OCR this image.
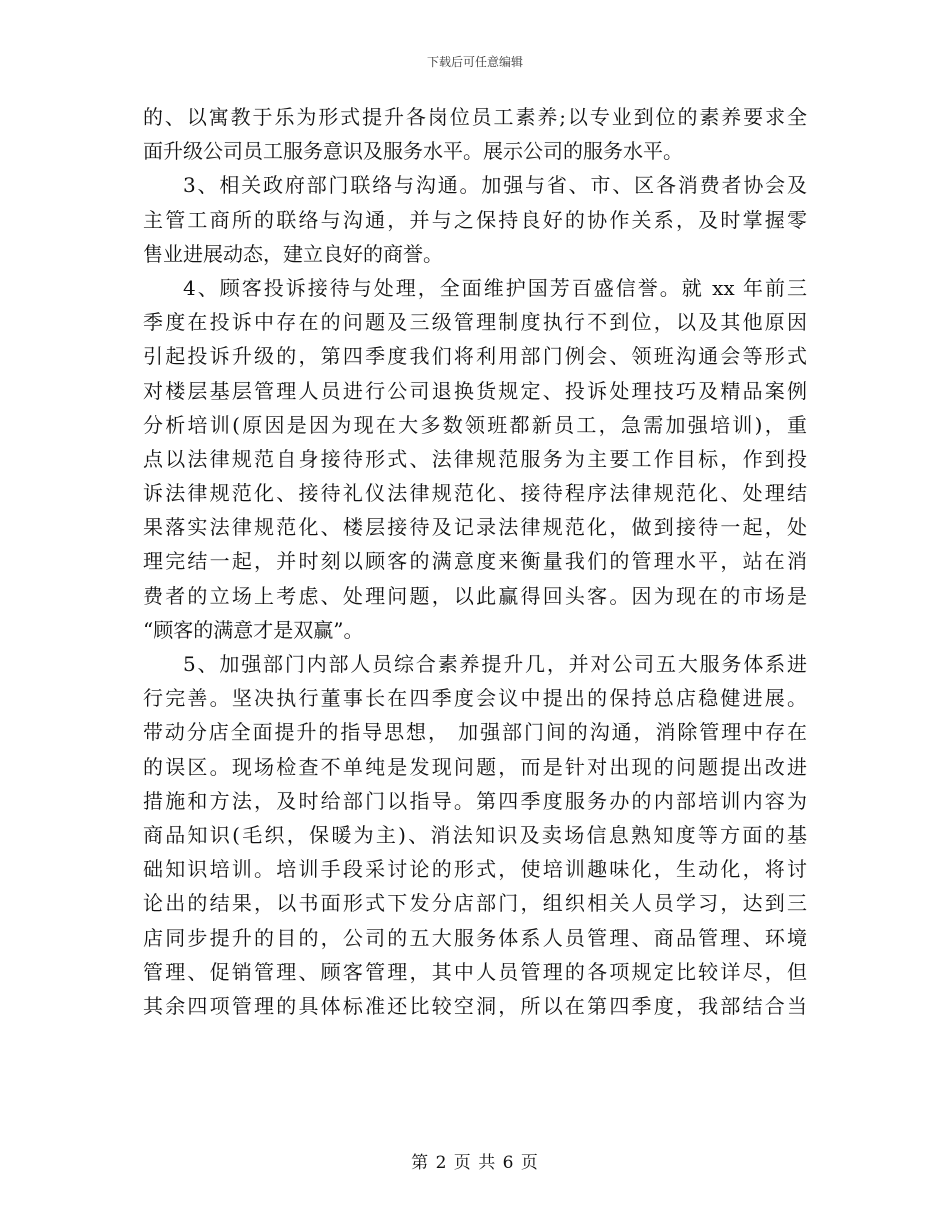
下载后可任意编辑
的、以寓教于乐为形式提升各岗位员工素养;以专业到位的素养要求全
面升级公司员工服务意识及服务水平。展示公司的服务水平。
3、相关政府部门联络与沟通。加强与省、市、区各消费者协会及
主管工商所的联络与沟通，并与之保持良好的协作关系，及时掌握零
售业进展动态，建立良好的商誉。
4、顾客投诉接待与处理，全面维护国芳百盛信誉。就 xx 年前三
季度在投诉中存在的问题及三级管理制度执行不到位，以及其他原因
引起投诉升级的，第四季度我们将利用部门例会、领班沟通会等形式
对楼层基层管理人员进行公司退换货规定、投诉处理技巧及精品案例
分析培训(原因是因为现在大多数领班都新员工，急需加强培训)，重
点以法律规范自身接待形式、法律规范服务为主要工作目标，作到投
诉法律规范化、接待礼仪法律规范化、接待程序法律规范化、处理结
果落实法律规范化、楼层接待及记录法律规范化，做到接待一起，处
理完结一起，并时刻以顾客的满意度来衡量我们的管理水平，站在消
费者的立场上考虑、处理问题，以此赢得回头客。因为现在的市场是
“顾客的满意才是双赢”。
5、加强部门内部人员综合素养提升几，并对公司五大服务体系进
行完善。坚决执行董事长在四季度会议中提出的保持总店稳健进展。
带动分店全面提升的指导思想， 加强部门间的沟通，消除管理中存在
的误区。现场检查不单纯是发现问题，而是针对出现的问题提出改进
措施和方法，及时给部门以指导。第四季度服务办的内部培训内容为
商品知识(毛织，保暖为主)、消法知识及卖场信息熟知度等方面的基
础知识培训。培训手段采讨论的形式，使培训趣味化，生动化，将讨
论出的结果，以书面形式下发分店部门，组织相关人员学习，达到三
店同步提升的目的，公司的五大服务体系人员管理、商品管理、环境
管理、促销管理、顾客管理，其中人员管理的各项规定比较详尽，但
其余四项管理的具体标准还比较空洞，所以在第四季度，我部结合当
第 2 页 共 6 页
